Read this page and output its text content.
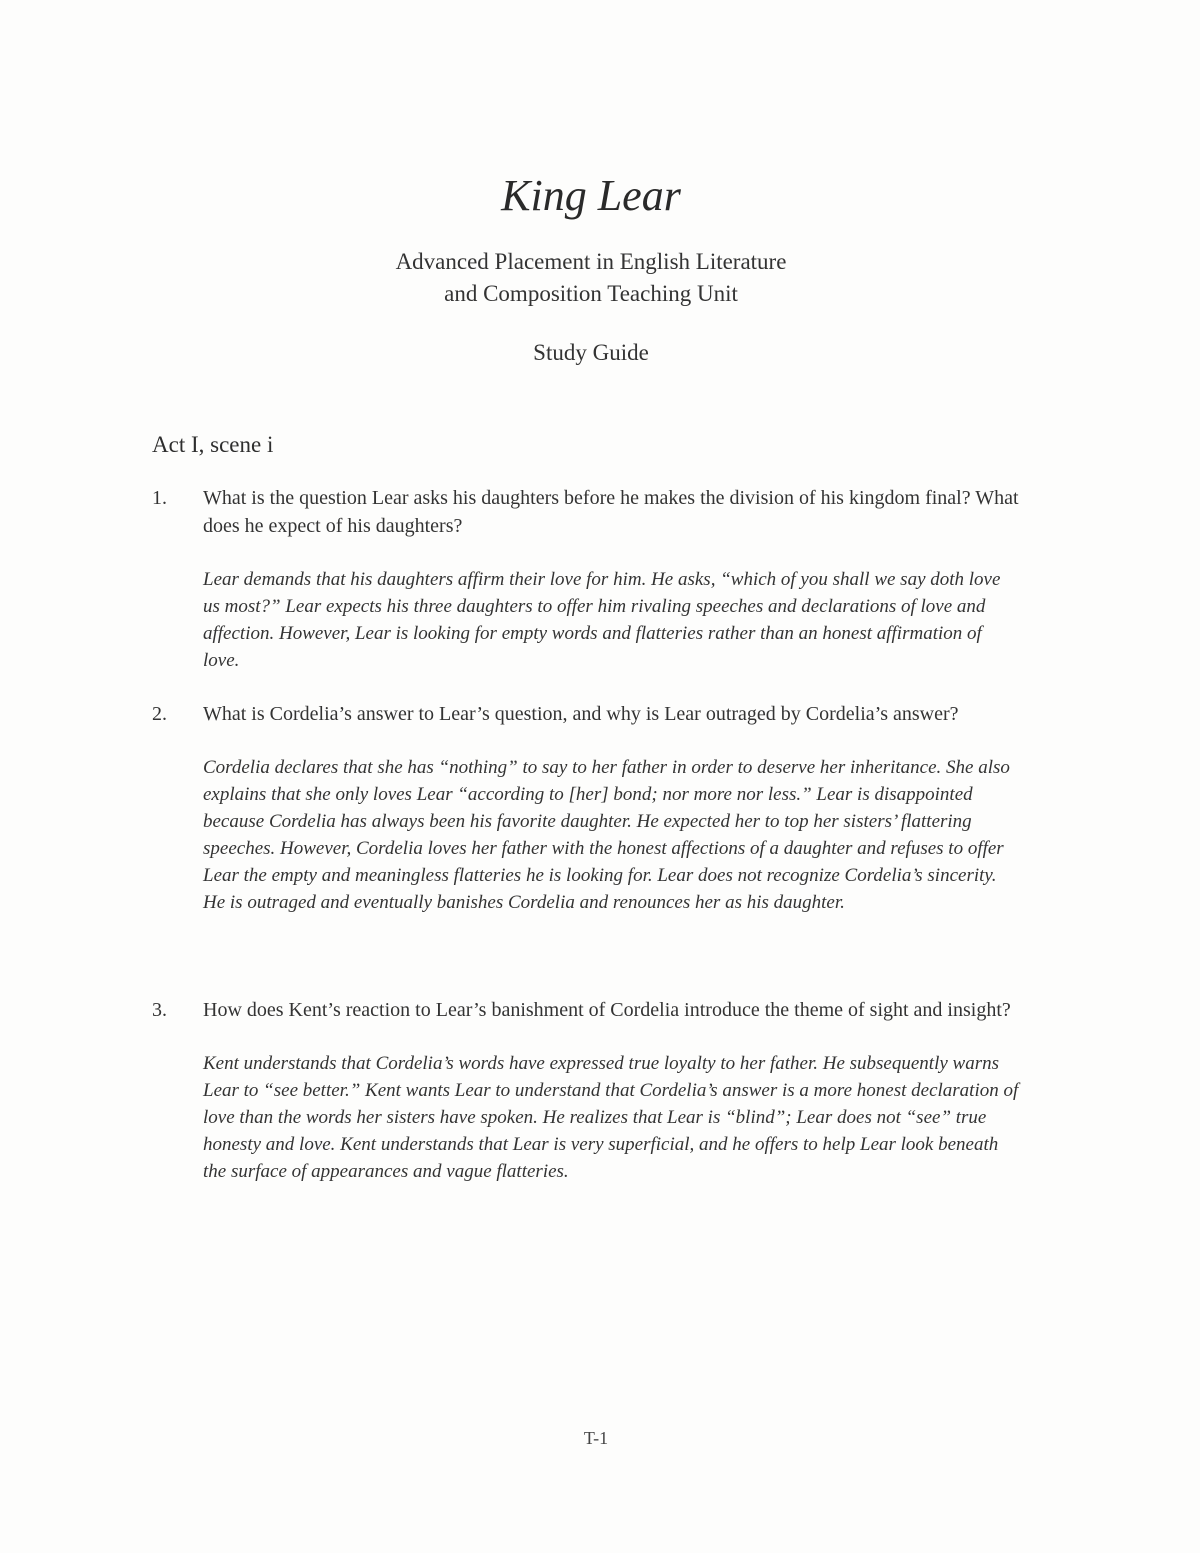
King Lear
Advanced Placement in English Literature
and Composition Teaching Unit
Study Guide
Act I, scene i
1. What is the question Lear asks his daughters before he makes the division of his kingdom final? What does he expect of his daughters?
Lear demands that his daughters affirm their love for him. He asks, “which of you shall we say doth love us most?” Lear expects his three daughters to offer him rivaling speeches and declarations of love and affection. However, Lear is looking for empty words and flatteries rather than an honest affirmation of love.
2. What is Cordelia’s answer to Lear’s question, and why is Lear outraged by Cordelia’s answer?
Cordelia declares that she has “nothing” to say to her father in order to deserve her inheritance. She also explains that she only loves Lear “according to [her] bond; nor more nor less.” Lear is disappointed because Cordelia has always been his favorite daughter. He expected her to top her sisters’ flattering speeches. However, Cordelia loves her father with the honest affections of a daughter and refuses to offer Lear the empty and meaningless flatteries he is looking for. Lear does not recognize Cordelia’s sincerity. He is outraged and eventually banishes Cordelia and renounces her as his daughter.
3. How does Kent’s reaction to Lear’s banishment of Cordelia introduce the theme of sight and insight?
Kent understands that Cordelia’s words have expressed true loyalty to her father. He subsequently warns Lear to “see better.” Kent wants Lear to understand that Cordelia’s answer is a more honest declaration of love than the words her sisters have spoken. He realizes that Lear is “blind”; Lear does not “see” true honesty and love. Kent understands that Lear is very superficial, and he offers to help Lear look beneath the surface of appearances and vague flatteries.
T-1
